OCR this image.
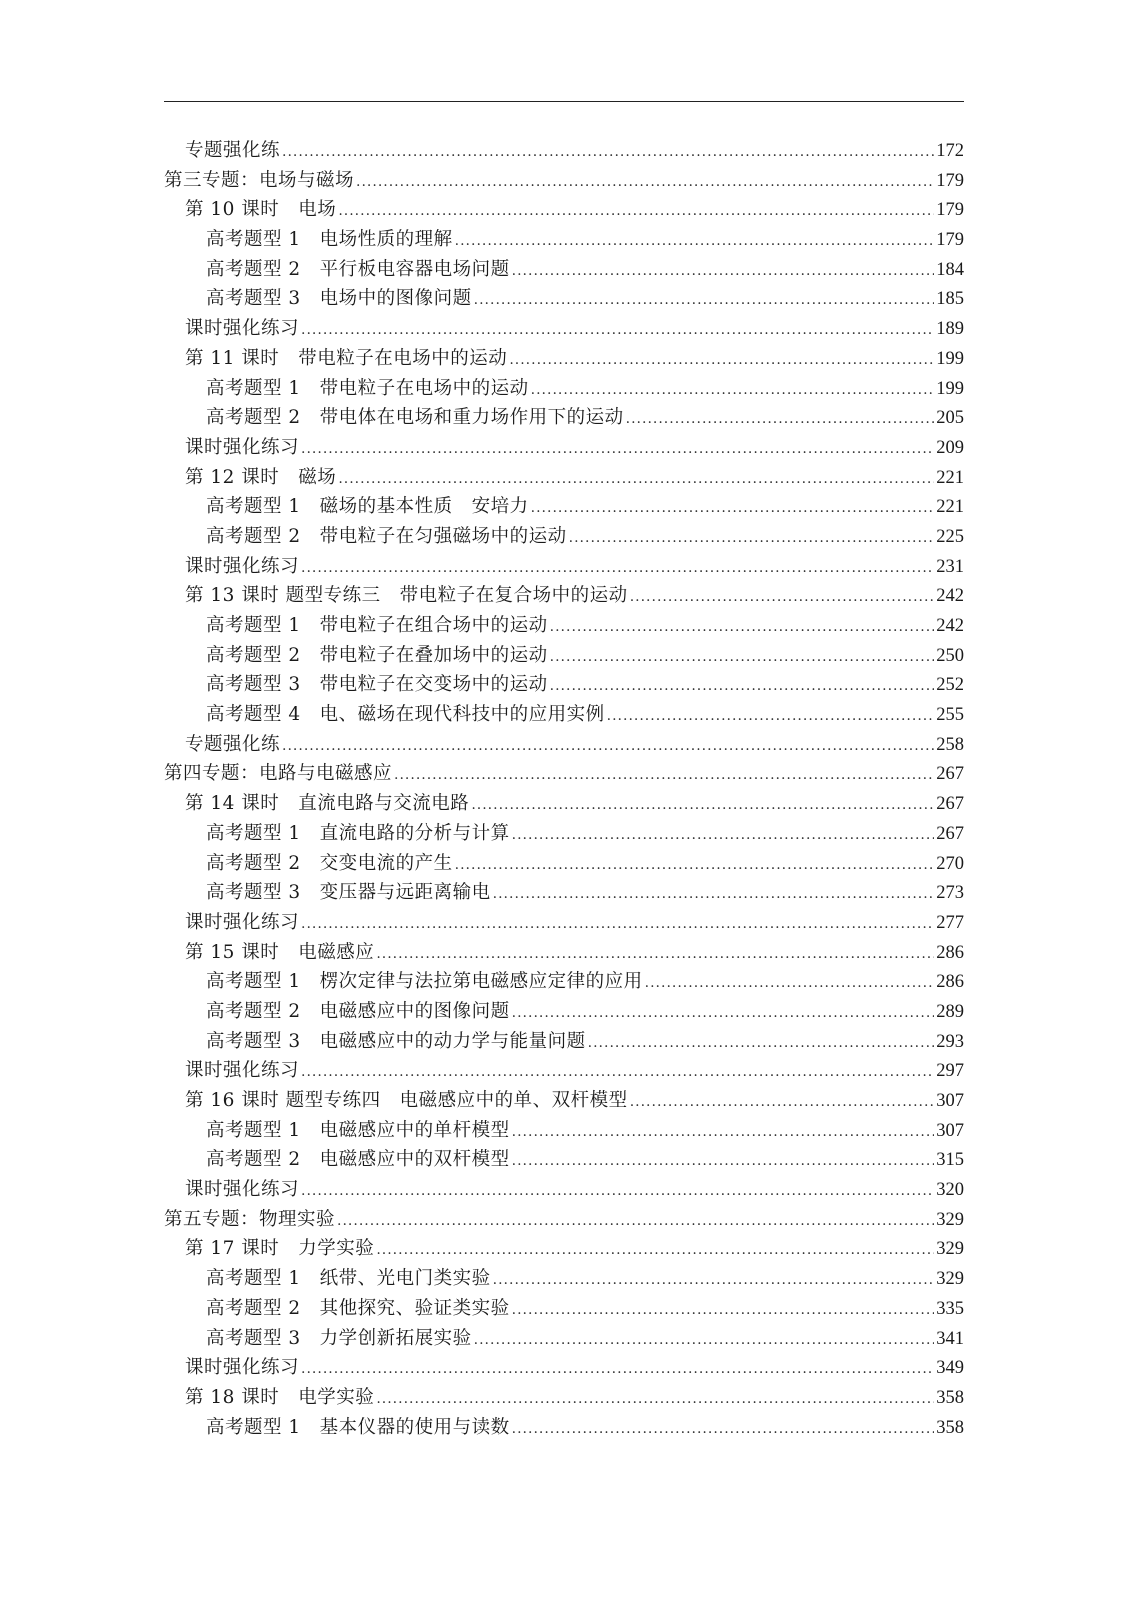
专题强化练 .....	172
第三专题：电场与磁场 .....	179
第 10 课时　电场 .....	179
高考题型 1　电场性质的理解 .....	179
高考题型 2　平行板电容器电场问题 .....	184
高考题型 3　电场中的图像问题 .....	185
课时强化练习 .....	189
第 11 课时　带电粒子在电场中的运动 .....	199
高考题型 1　带电粒子在电场中的运动 .....	199
高考题型 2　带电体在电场和重力场作用下的运动 .....	205
课时强化练习 .....	209
第 12 课时　磁场 .....	221
高考题型 1　磁场的基本性质　安培力 .....	221
高考题型 2　带电粒子在匀强磁场中的运动 .....	225
课时强化练习 .....	231
第 13 课时 题型专练三　带电粒子在复合场中的运动 .....	242
高考题型 1　带电粒子在组合场中的运动 .....	242
高考题型 2　带电粒子在叠加场中的运动 .....	250
高考题型 3　带电粒子在交变场中的运动 .....	252
高考题型 4　电、磁场在现代科技中的应用实例 .....	255
专题强化练 .....	258
第四专题：电路与电磁感应 .....	267
第 14 课时　直流电路与交流电路 .....	267
高考题型 1　直流电路的分析与计算 .....	267
高考题型 2　交变电流的产生 .....	270
高考题型 3　变压器与远距离输电 .....	273
课时强化练习 .....	277
第 15 课时　电磁感应 .....	286
高考题型 1　楞次定律与法拉第电磁感应定律的应用 .....	286
高考题型 2　电磁感应中的图像问题 .....	289
高考题型 3　电磁感应中的动力学与能量问题 .....	293
课时强化练习 .....	297
第 16 课时 题型专练四　电磁感应中的单、双杆模型 .....	307
高考题型 1　电磁感应中的单杆模型 .....	307
高考题型 2　电磁感应中的双杆模型 .....	315
课时强化练习 .....	320
第五专题：物理实验 .....	329
第 17 课时　力学实验 .....	329
高考题型 1　纸带、光电门类实验 .....	329
高考题型 2　其他探究、验证类实验 .....	335
高考题型 3　力学创新拓展实验 .....	341
课时强化练习 .....	349
第 18 课时　电学实验 .....	358
高考题型 1　基本仪器的使用与读数 .....	358
